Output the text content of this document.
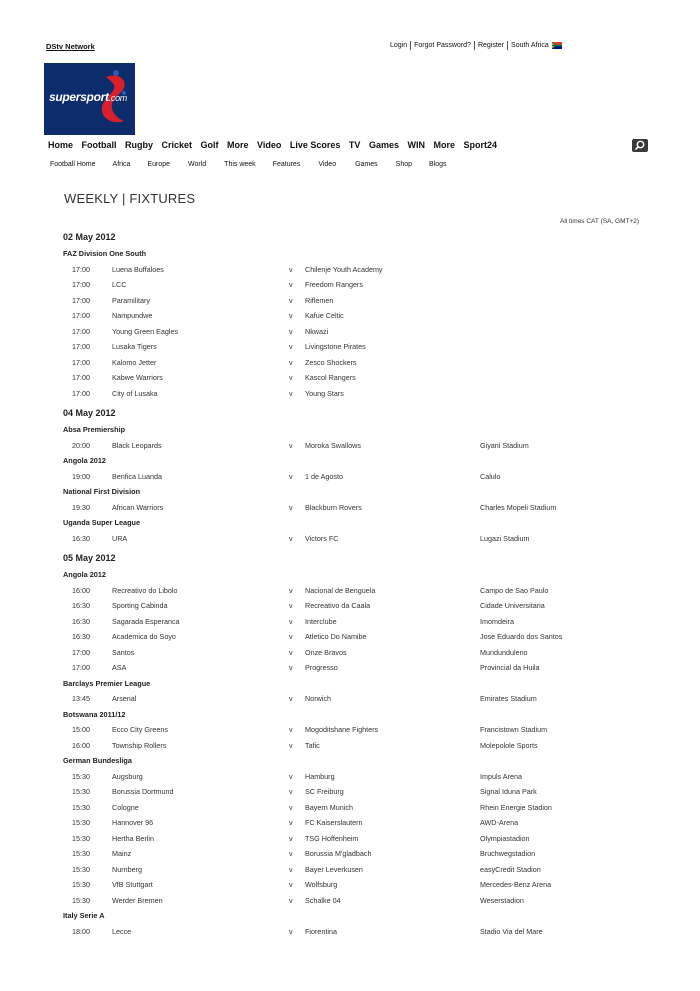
DStv Network	Login Forgot Password? Register South Africa
supersport.com
Home Football Rugby Cricket Golf More Video Live Scores TV Games WIN More Sport24
Football Home Africa Europe	World	This week Features	Video	Games	Shop Blogs
WEEKLY | FIXTURES
All times CAT (SA, GMT+2)
02 May 2012
FAZ Division One South
17:00	Luena Buffaloes	v Chilenje Youth Academy
17:00	LCC	v Freedom Rangers
17:00	Paramilitary	v Riflemen
17:00	Nampundwe	v Kafue Celtic
17:00	Young Green Eagles	v Nkwazi
17:00	Lusaka Tigers	v Livingstone Pirates
17:00	Kalomo Jetter	v Zesco Shockers
17:00	Kabwe Warriors	v Kascol Rangers
17:00	City of Lusaka	v Young Stars
04 May 2012
Absa Premiership
20:00	Black Leopards	v Moroka Swallows	Giyani Stadium
Angola 2012
19:00	Benfica Luanda	v 1 de Agosto	Calulo
National First Division
19:30	African Warriors	v Blackburn Rovers	Charles Mopeli Stadium
Uganda Super League
16:30	URA	v Victors FC	Lugazi Stadium
05 May 2012
Angola 2012
16:00	Recreativo do Libolo	v Nacional de Benguela	Campo de Sao Paulo
16:30	Sporting Cabinda	v Recreativo da Caala	Cidade Universitaria
16:30	Sagarada Esperanca	v Interclube	Imomdeira
16:30	Academica do Soyo	v Atletico Do Namibe	Jose Eduardo dos Santos
17:00	Santos	v Onze Bravos	Mundunduleno
17:00	ASA	v Progresso	Provincial da Huila
Barclays Premier League
13:45	Arsenal	v Norwich	Emirates Stadium
Botswana 2011/12
15:00	Ecco City Greens	v Mogoditshane Fighters	Francistown Stadium
16:00	Township Rollers	v Tafic	Molepolole Sports
German Bundesliga
15:30	Augsburg	v Hamburg	Impuls Arena
15:30	Borussia Dortmund	v SC Freiburg	Signal Iduna Park
15:30	Cologne	v Bayern Munich	Rhein Energie Stadion
15:30	Hannover 96	v FC Kaiserslautern	AWD-Arena
15:30	Hertha Berlin	v TSG Hoffenheim	Olympiastadion
15:30	Mainz	v Borussia M'gladbach	Bruchwegstadion
15:30	Nurnberg	v Bayer Leverkusen	easyCredit Stadion
15:30	VfB Stuttgart	v Wolfsburg	Mercedes-Benz Arena
15:30	Werder Bremen	v Schalke 04	Weserstadion
Italy Serie A
18:00	Lecce	v Fiorentina	Stadio Via del Mare
